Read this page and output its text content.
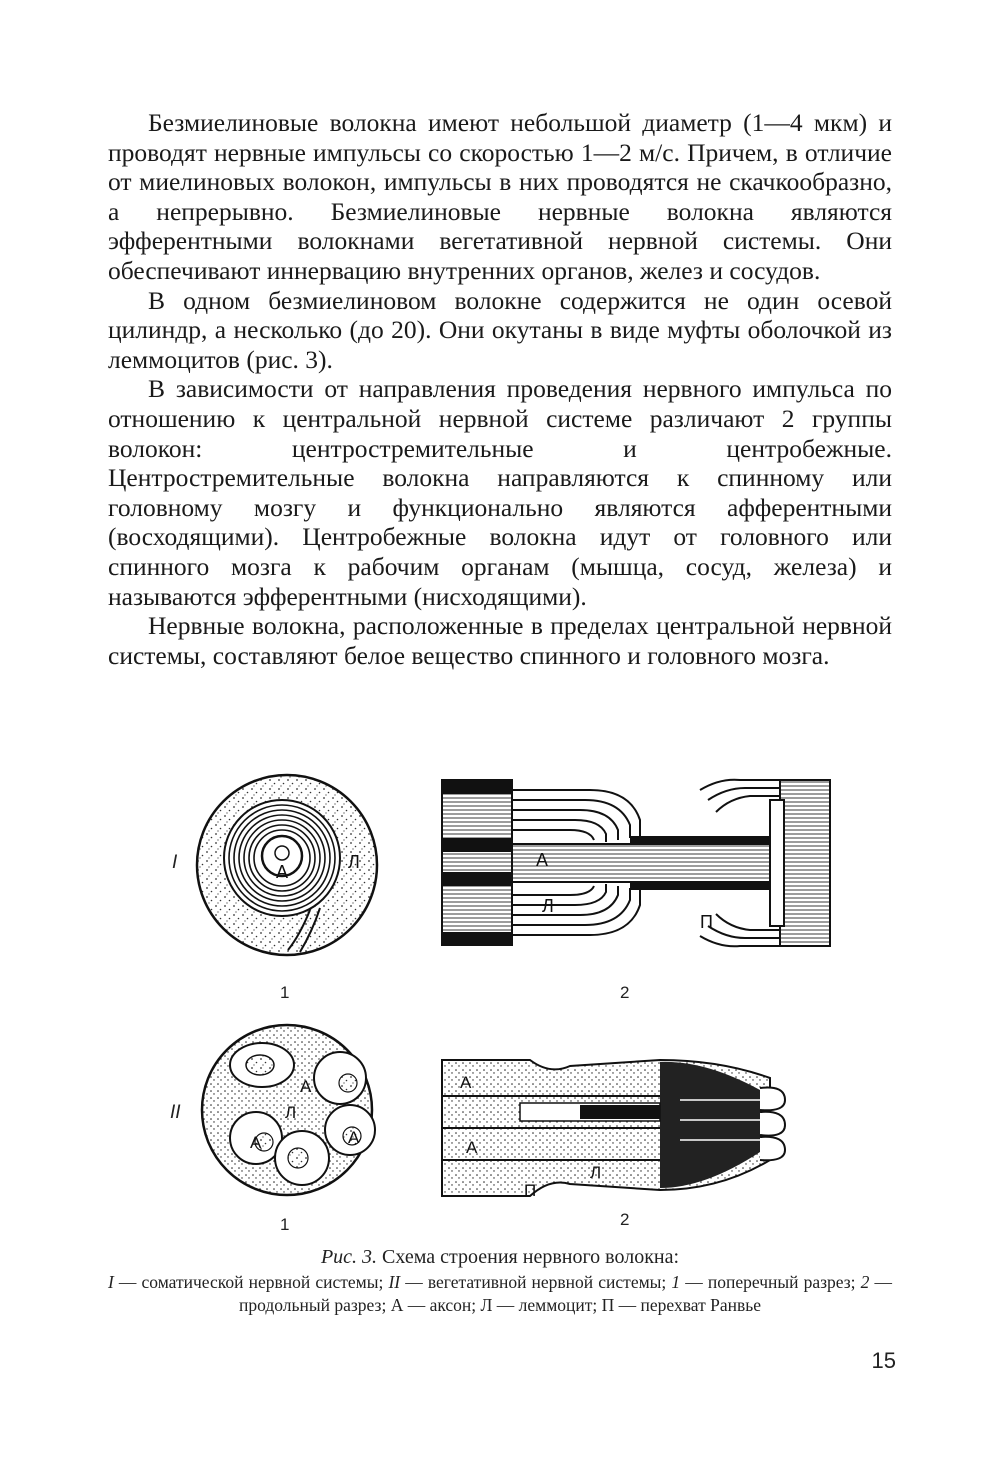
Безмиелиновые волокна имеют небольшой диаметр (1—4 мкм) и проводят нервные импульсы со скоростью 1—2 м/с. Причем, в отличие от миелиновых волокон, импульсы в них проводятся не скачкообразно, а непрерывно. Безмиелиновые нервные волокна являются эфферентными волокнами вегетативной нервной системы. Они обеспечивают иннервацию внутренних органов, желез и сосудов.

В одном безмиелиновом волокне содержится не один осевой цилиндр, а несколько (до 20). Они окутаны в виде муфты оболочкой из леммоцитов (рис. 3).

В зависимости от направления проведения нервного импульса по отношению к центральной нервной системе различают 2 группы волокон: центростремительные и центробежные. Центростремительные волокна направляются к спинному или головному мозгу и функционально являются афферентными (восходящими). Центробежные волокна идут от головного или спинного мозга к рабочим органам (мышца, сосуд, железа) и называются эфферентными (нисходящими).

Нервные волокна, расположенные в пределах центральной нервной системы, составляют белое вещество спинного и головного мозга.

I
II
А	Л
1
А
Л
П
2
А
Л
А	А
1
А
А
Л
П
2
Рис. 3. Схема строения нервного волокна:
I — соматической нервной системы; II — вегетативной нервной системы; 1 — поперечный разрез; 2 — продольный разрез; А — аксон; Л — леммоцит; П — перехват Ранвье
15
